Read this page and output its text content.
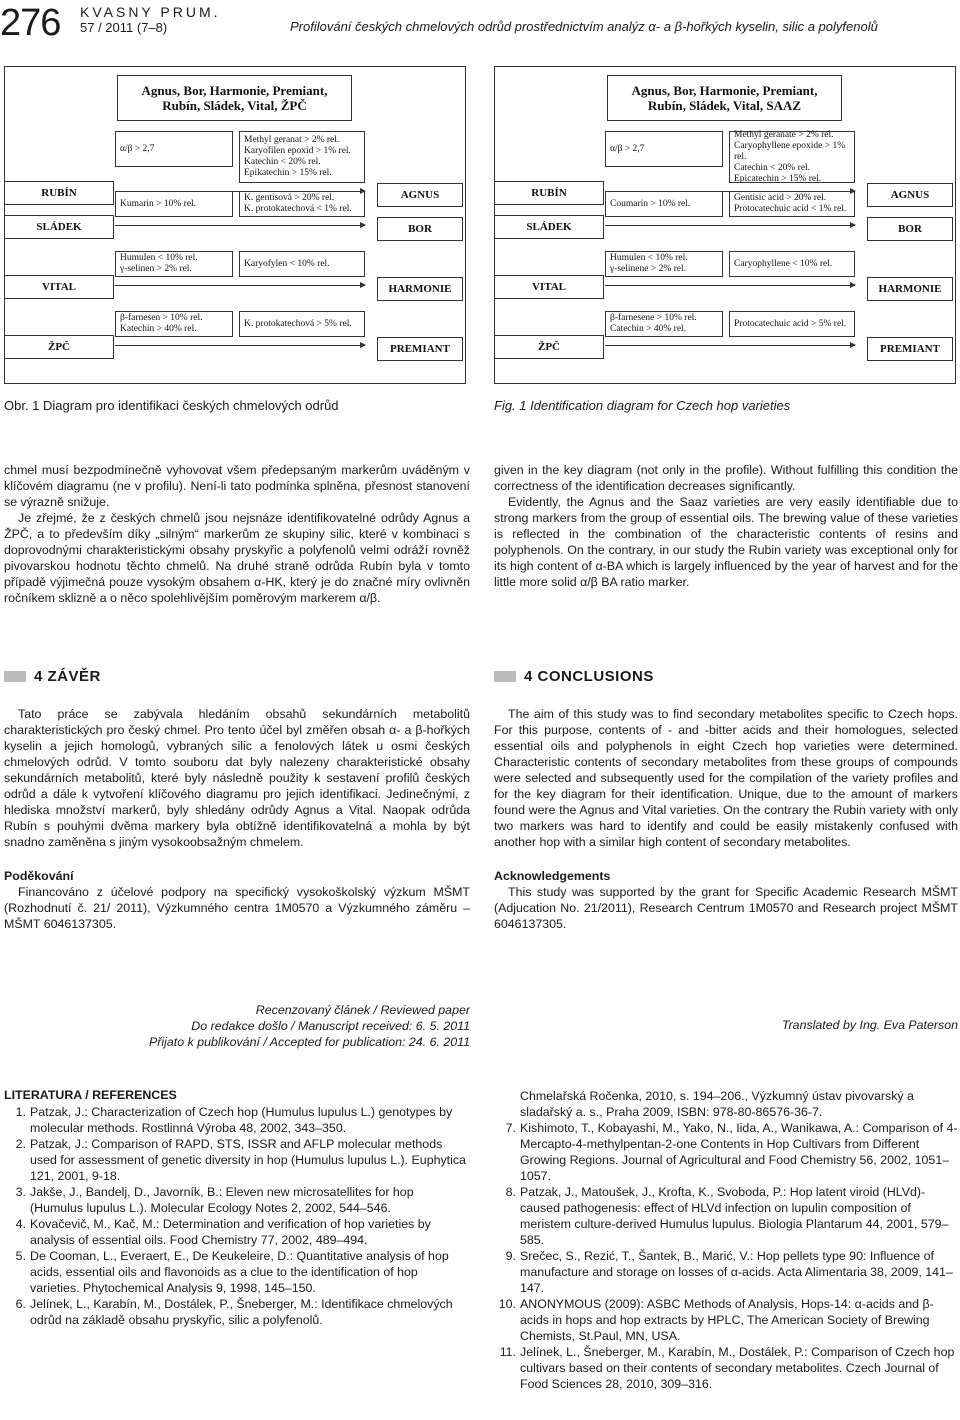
276 KVASNY PRUM.
57 / 2011 (7–8)	Profilování českých chmelových odrůd prostřednictvím analýz α- a β-hořkých kyselin, silic a polyfenolů
Agnus, Bor, Harmonie, Premiant,
Rubín, Sládek, Vital, ŽPČ
α/β > 2,7
Methyl geranat > 2% rel.
Karyofilen epoxid > 1% rel.
Katechin < 20% rel.
Epikatechin > 15% rel.
RUBÍN	AGNUS
Kumarin > 10% rel.
K. gentisová > 20% rel.
K. protokatechová < 1% rel.
SLÁDEK	BOR
Humulen < 10% rel.
γ-selinen > 2% rel.
Karyofylen < 10% rel.
VITAL	HARMONIE
β-farnesen > 10% rel.
Katechin > 40% rel.
K. protokatechová > 5% rel.
ŽPČ	PREMIANT
Agnus, Bor, Harmonie, Premiant,
Rubín, Sládek, Vital, SAAZ
α/β > 2,7
Methyl geranate > 2% rel.
Caryophyllene epoxide > 1% rel.
Catechin < 20% rel.
Epicatechin > 15% rel.
RUBÍN	AGNUS
Coumarin > 10% rel.
Gentisic acid > 20% rel.
Protocatechuic acid < 1% rel.
SLÁDEK	BOR
Humulen < 10% rel.
γ-selinene > 2% rel.
Caryophyllene < 10% rel.
VITAL	HARMONIE
β-farnesene > 10% rel.
Catechin > 40% rel.
Protocatechuic acid > 5% rel.
ŽPČ	PREMIANT
Obr. 1 Diagram pro identifikaci českých chmelových odrůd	Fig. 1 Identification diagram for Czech hop varieties

chmel musí bezpodmínečně vyhovovat všem předepsaným markerům uváděným v klíčovém diagramu (ne v profilu). Není-li tato podmínka splněna, přesnost stanovení se výrazně snižuje.

Je zřejmé, že z českých chmelů jsou nejsnáze identifikovatelné odrůdy Agnus a ŽPČ, a to především díky „silným“ markerům ze skupiny silic, které v kombinaci s doprovodnými charakteristickými obsahy pryskyřic a polyfenolů velmi odráží rovněž pivovarskou hodnotu těchto chmelů. Na druhé straně odrůda Rubín byla v tomto případě výjimečná pouze vysokým obsahem α-HK, který je do značné míry ovlivněn ročníkem sklizně a o něco spolehlivějším poměrovým markerem α/β.

given in the key diagram (not only in the profile). Without fulfilling this condition the correctness of the identification decreases significantly.

Evidently, the Agnus and the Saaz varieties are very easily identifiable due to strong markers from the group of essential oils. The brewing value of these varieties is reflected in the combination of the characteristic contents of resins and polyphenols. On the contrary, in our study the Rubin variety was exceptional only for its high content of α-BA which is largely influenced by the year of harvest and for the little more solid α/β BA ratio marker.

4 ZÁVĚR	4 CONCLUSIONS

Tato práce se zabývala hledáním obsahů sekundárních metabolitů charakteristických pro český chmel. Pro tento účel byl změřen obsah α- a β-hořkých kyselin a jejich homologů, vybraných silic a fenolových látek u osmi českých chmelových odrůd. V tomto souboru dat byly nalezeny charakteristické obsahy sekundárních metabolitů, které byly následně použity k sestavení profilů českých odrůd a dále k vytvoření klíčového diagramu pro jejich identifikaci. Jedinečnými, z hlediska množství markerů, byly shledány odrůdy Agnus a Vital. Naopak odrůda Rubín s pouhými dvěma markery byla obtížně identifikovatelná a mohla by být snadno zaměněna s jiným vysokoobsažným chmelem.

Poděkování

Financováno z účelové podpory na specifický vysokoškolský výzkum MŠMT (Rozhodnutí č. 21/ 2011), Výzkumného centra 1M0570 a Výzkumného záměru – MŠMT 6046137305.

The aim of this study was to find secondary metabolites specific to Czech hops. For this purpose, contents of - and -bitter acids and their homologues, selected essential oils and polyphenols in eight Czech hop varieties were determined. Characteristic contents of secondary metabolites from these groups of compounds were selected and subsequently used for the compilation of the variety profiles and for the key diagram for their identification. Unique, due to the amount of markers found were the Agnus and Vital varieties. On the contrary the Rubin variety with only two markers was hard to identify and could be easily mistakenly confused with another hop with a similar high content of secondary metabolites.

Acknowledgements

This study was supported by the grant for Specific Academic Research MŠMT (Adjucation No. 21/2011), Research Centrum 1M0570 and Research project MŠMT 6046137305.

Recenzovaný článek / Reviewed paper
Do redakce došlo / Manuscript received: 6. 5. 2011
Přijato k publikování / Accepted for publication: 24. 6. 2011
Translated by Ing. Eva Paterson
LITERATURA / REFERENCES
1. Patzak, J.: Characterization of Czech hop (Humulus lupulus L.) genotypes by molecular methods. Rostlinná Výroba 48, 2002, 343–350.
2. Patzak, J.: Comparison of RAPD, STS, ISSR and AFLP molecular methods used for assessment of genetic diversity in hop (Humulus lupulus L.). Euphytica 121, 2001, 9-18.
3. Jakše, J., Bandelj, D., Javorník, B.: Eleven new microsatellites for hop (Humulus lupulus L.). Molecular Ecology Notes 2, 2002, 544–546.
4. Kovačevič, M., Kač, M.: Determination and verification of hop varieties by analysis of essential oils. Food Chemistry 77, 2002, 489–494.
5. De Cooman, L., Everaert, E., De Keukeleire, D.: Quantitative analysis of hop acids, essential oils and flavonoids as a clue to the identification of hop varieties. Phytochemical Analysis 9, 1998, 145–150.
6. Jelínek, L., Karabín, M., Dostálek, P., Šneberger, M.: Identifikace chmelových odrůd na základě obsahu pryskyřic, silic a polyfenolů.
Chmelařská Ročenka, 2010, s. 194–206., Výzkumný ústav pivovarský a sladařský a. s., Praha 2009, ISBN: 978-80-86576-36-7.
7. Kishimoto, T., Kobayashi, M., Yako, N., Iida, A., Wanikawa, A.: Comparison of 4-Mercapto-4-methylpentan-2-one Contents in Hop Cultivars from Different Growing Regions. Journal of Agricultural and Food Chemistry 56, 2002, 1051–1057.
8. Patzak, J., Matoušek, J., Krofta, K., Svoboda, P.: Hop latent viroid (HLVd)-caused pathogenesis: effect of HLVd infection on lupulin composition of meristem culture-derived Humulus lupulus. Biologia Plantarum 44, 2001, 579–585.
9. Srečec, S., Rezić, T., Šantek, B., Marić, V.: Hop pellets type 90: Influence of manufacture and storage on losses of α-acids. Acta Alimentaria 38, 2009, 141–147.
10. ANONYMOUS (2009): ASBC Methods of Analysis, Hops-14: α-acids and β-acids in hops and hop extracts by HPLC, The American Society of Brewing Chemists, St.Paul, MN, USA.
11. Jelínek, L., Šneberger, M., Karabín, M., Dostálek, P.: Comparison of Czech hop cultivars based on their contents of secondary metabolites. Czech Journal of Food Sciences 28, 2010, 309–316.
